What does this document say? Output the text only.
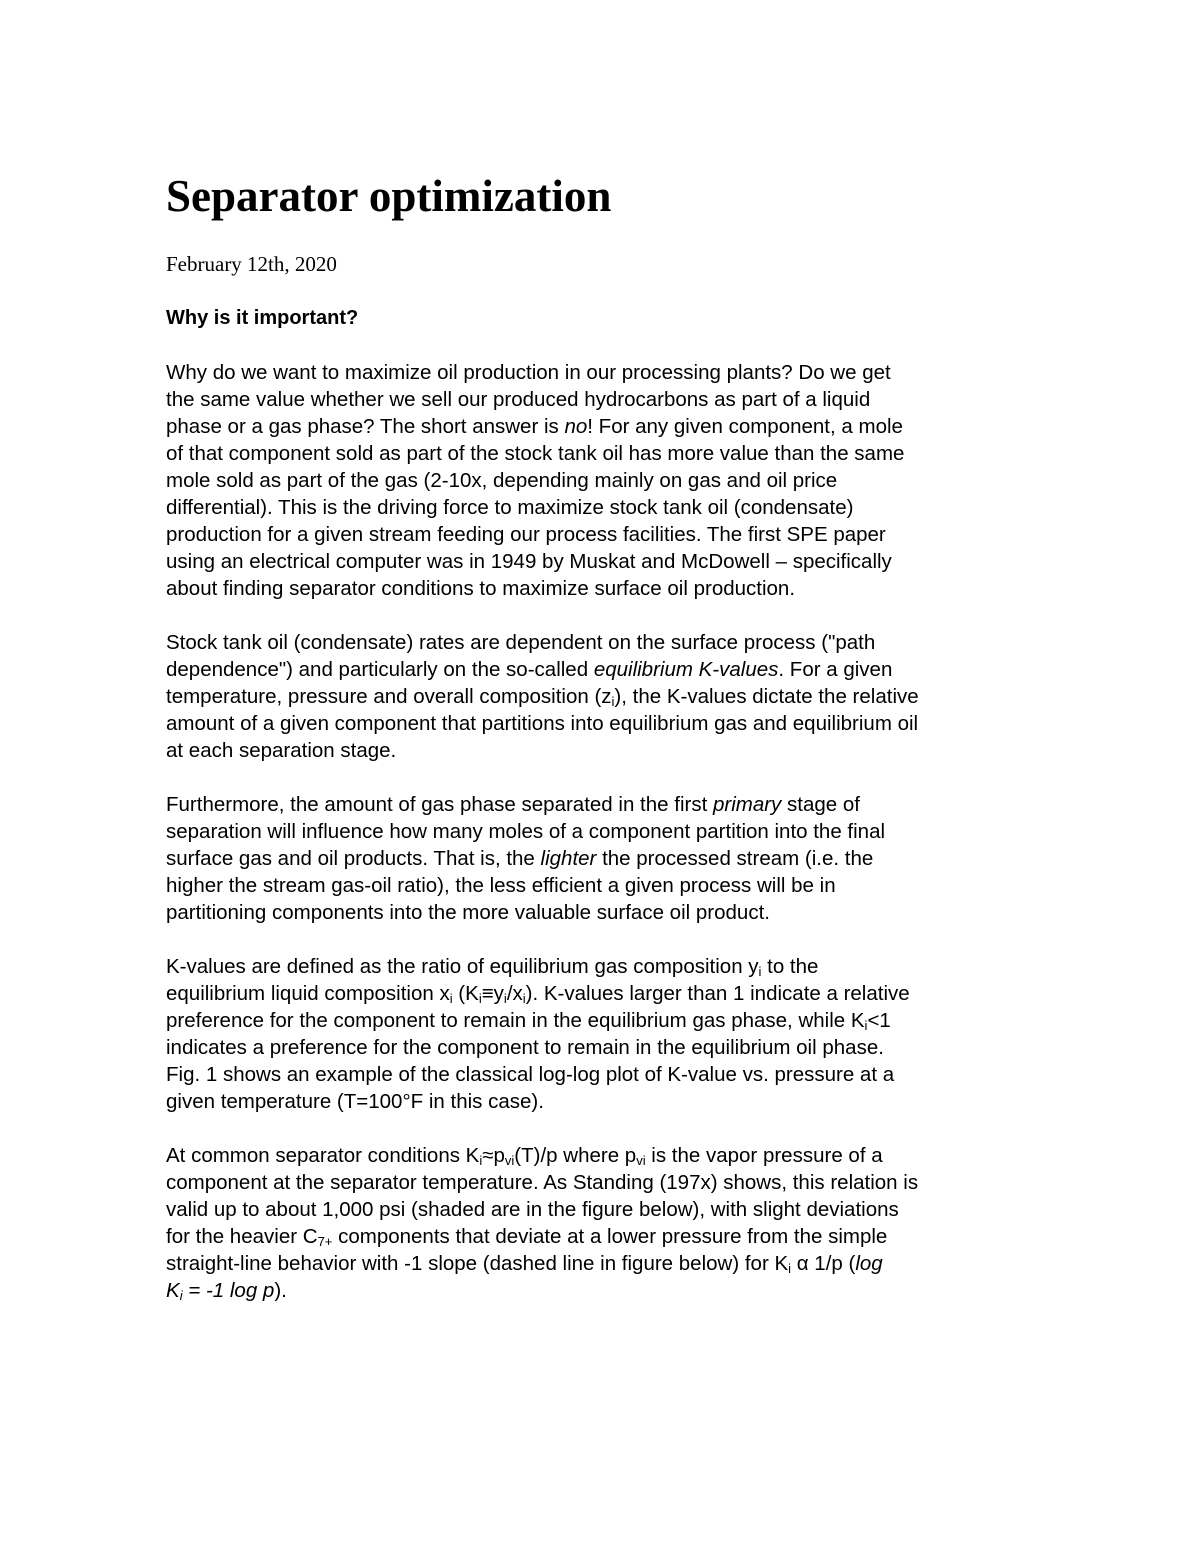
Separator optimization
February 12th, 2020
Why is it important?
Why do we want to maximize oil production in our processing plants? Do we get
the same value whether we sell our produced hydrocarbons as part of a liquid
phase or a gas phase? The short answer is no! For any given component, a mole
of that component sold as part of the stock tank oil has more value than the same
mole sold as part of the gas (2-10x, depending mainly on gas and oil price
differential). This is the driving force to maximize stock tank oil (condensate)
production for a given stream feeding our process facilities. The first SPE paper
using an electrical computer was in 1949 by Muskat and McDowell – specifically
about finding separator conditions to maximize surface oil production.
Stock tank oil (condensate) rates are dependent on the surface process ("path
dependence") and particularly on the so-called equilibrium K-values. For a given
temperature, pressure and overall composition $(z_i)$, the K-values dictate the relative
amount of a given component that partitions into equilibrium gas and equilibrium oil
at each separation stage.
Furthermore, the amount of gas phase separated in the first primary stage of
separation will influence how many moles of a component partition into the final
surface gas and oil products. That is, the lighter the processed stream (i.e. the
higher the stream gas-oil ratio), the less efficient a given process will be in
partitioning components into the more valuable surface oil product.
K-values are defined as the ratio of equilibrium gas composition $y_i$ to the
equilibrium liquid composition $x_i$ $(K_i\equiv y_i/x_i)$. K-values larger than 1 indicate a relative
preference for the component to remain in the equilibrium gas phase, while $K_i<1$
indicates a preference for the component to remain in the equilibrium oil phase.
Fig. 1 shows an example of the classical log-log plot of K-value vs. pressure at a
given temperature (T=100°F in this case).
At common separator conditions $K_i\approx p_{vi}(T)/p$ where $p_{vi}$ is the vapor pressure of a
component at the separator temperature. As Standing (197x) shows, this relation is
valid up to about 1,000 psi (shaded are in the figure below), with slight deviations
for the heavier $C_{7+}$ components that deviate at a lower pressure from the simple
straight-line behavior with -1 slope (dashed line in figure below) for $K_i$ α 1/p (log
$K_i = -1$ log p).
